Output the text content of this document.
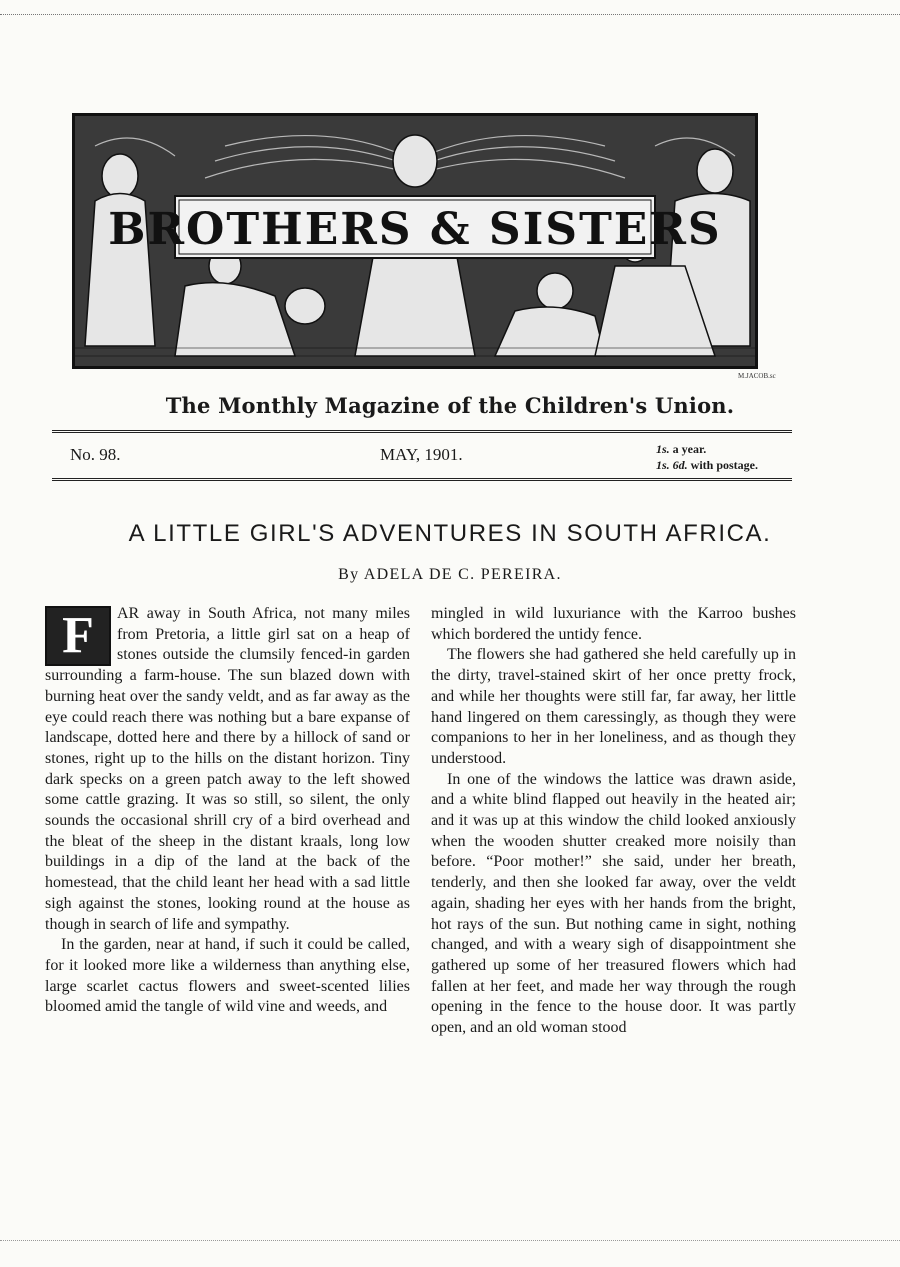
BROTHERS & SISTERS
M.JACOB.sc
The Monthly Magazine of the Children's Union.
No. 98.	MAY, 1901.	1s. a year.
1s. 6d. with postage.
A LITTLE GIRL'S ADVENTURES IN SOUTH AFRICA.
By ADELA DE C. PEREIRA.

F	AR away in South Africa, not many miles from Pretoria, a little girl sat on a heap of stones outside the clumsily fenced-in garden surrounding a farm-house. The sun blazed down with burning heat over the sandy veldt, and as far away as the eye could reach there was nothing but a bare expanse of landscape, dotted here and there by a hillock of sand or stones, right up to the hills on the distant horizon. Tiny dark specks on a green patch away to the left showed some cattle grazing. It was so still, so silent, the only sounds the occasional shrill cry of a bird overhead and the bleat of the sheep in the distant kraals, long low buildings in a dip of the land at the back of the homestead, that the child leant her head with a sad little sigh against the stones, looking round at the house as though in search of life and sympathy.

In the garden, near at hand, if such it could be called, for it looked more like a wilderness than anything else, large scarlet cactus flowers and sweet-scented lilies bloomed amid the tangle of wild vine and weeds, and

mingled in wild luxuriance with the Karroo bushes which bordered the untidy fence.

The flowers she had gathered she held carefully up in the dirty, travel-stained skirt of her once pretty frock, and while her thoughts were still far, far away, her little hand lingered on them caressingly, as though they were companions to her in her loneliness, and as though they understood.

In one of the windows the lattice was drawn aside, and a white blind flapped out heavily in the heated air; and it was up at this window the child looked anxiously when the wooden shutter creaked more noisily than before. “Poor mother!” she said, under her breath, tenderly, and then she looked far away, over the veldt again, shading her eyes with her hands from the bright, hot rays of the sun. But nothing came in sight, nothing changed, and with a weary sigh of disappointment she gathered up some of her treasured flowers which had fallen at her feet, and made her way through the rough opening in the fence to the house door. It was partly open, and an old woman stood
